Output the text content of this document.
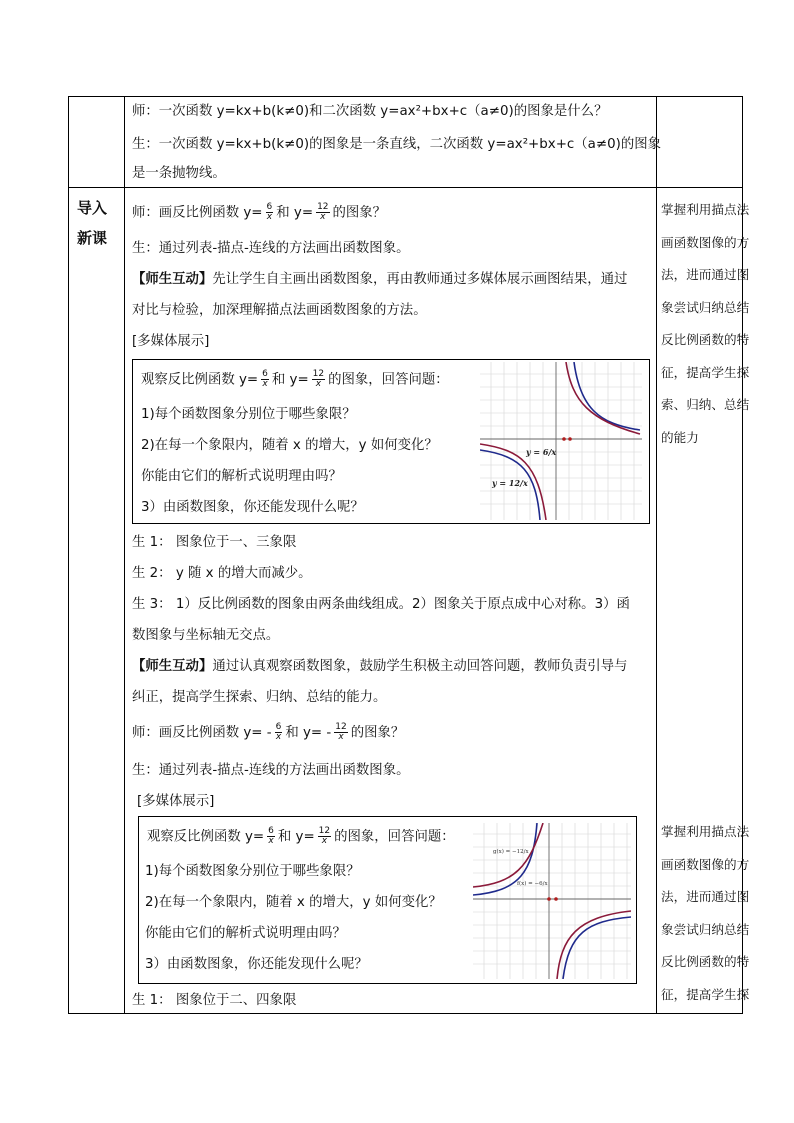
师：一次函数 y=kx+b(k≠0)和二次函数 y=ax²+bx+c（a≠0)的图象是什么？
生：一次函数 y=kx+b(k≠0)的图象是一条直线，二次函数 y=ax²+bx+c（a≠0)的图象
是一条抛物线。
导入
新课
掌握利用描点法
画函数图像的方
法，进而通过图
象尝试归纳总结
反比例函数的特
征，提高学生探
索、归纳、总结
的能力
掌握利用描点法
画函数图像的方
法，进而通过图
象尝试归纳总结
反比例函数的特
征，提高学生探
师：画反比例函数 $y= \frac{6}{x}$ 和 $y= \frac{12}{x}$ 的图象？
生：通过列表-描点-连线的方法画出函数图象。
【师生互动】先让学生自主画出函数图象，再由教师通过多媒体展示画图结果，通过
对比与检验，加深理解描点法画函数图象的方法。
[多媒体展示]
观察反比例函数 $y= \frac{6}{x}$ 和 $y= \frac{12}{x}$ 的图象，回答问题：
1)每个函数图象分别位于哪些象限？
2)在每一个象限内，随着 x 的增大，y 如何变化？
你能由它们的解析式说明理由吗？
3）由函数图象，你还能发现什么呢？
y = 6/x
y = 12/x
生 1： 图象位于一、三象限
生 2： y 随 x 的增大而减少。
生 3： 1）反比例函数的图象由两条曲线组成。2）图象关于原点成中心对称。3）函
数图象与坐标轴无交点。
【师生互动】通过认真观察函数图象，鼓励学生积极主动回答问题，教师负责引导与
纠正，提高学生探索、归纳、总结的能力。
师：画反比例函数 $y= - \frac{6}{x}$ 和 $y= - \frac{12}{x}$ 的图象？
生：通过列表-描点-连线的方法画出函数图象。
[多媒体展示]
观察反比例函数 $y= \frac{6}{x}$ 和 $y= \frac{12}{x}$ 的图象，回答问题：
1)每个函数图象分别位于哪些象限？
2)在每一个象限内，随着 x 的增大，y 如何变化？
你能由它们的解析式说明理由吗？
3）由函数图象，你还能发现什么呢？
g(x) = −12/x
f(x) = −6/x
生 1： 图象位于二、四象限
